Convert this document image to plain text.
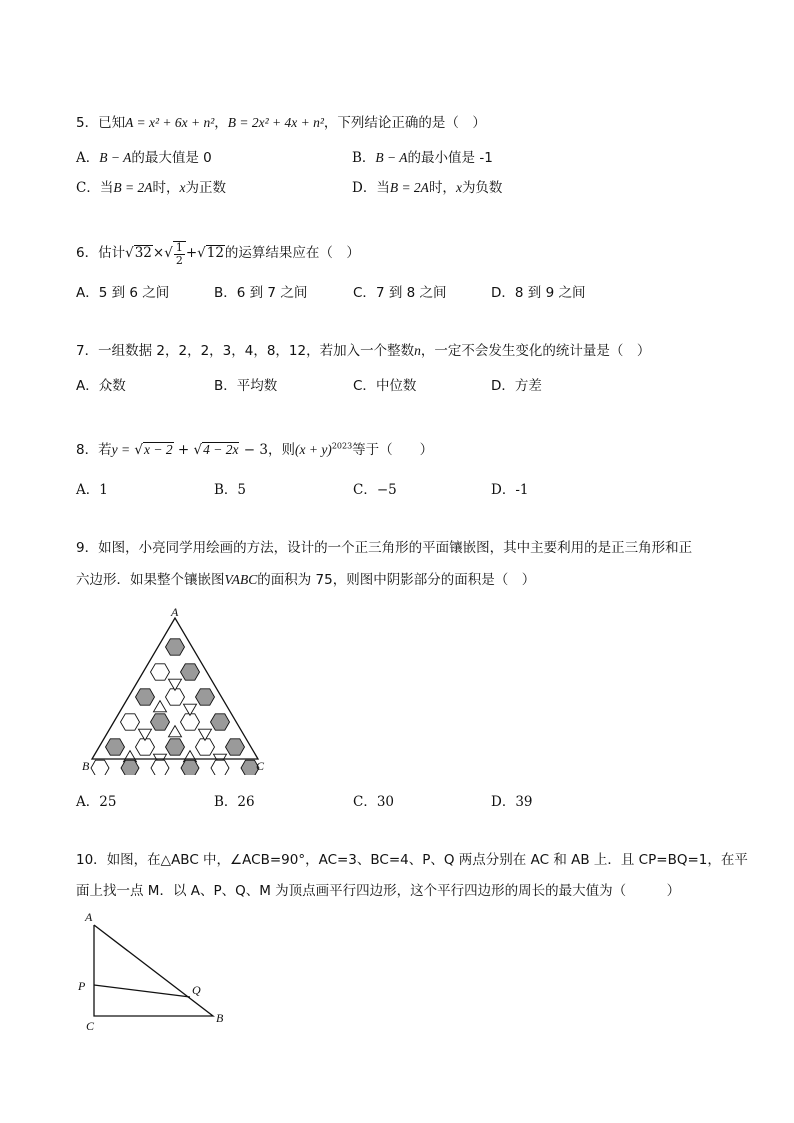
5．已知A = x² + 6x + n²，B = 2x² + 4x + n²，下列结论正确的是（　）
A．B − A的最大值是 0	B．B − A的最小值是 -1
C．当B = 2A时，x为正数	D．当B = 2A时，x为负数
6．估计$√32\times√ \frac{1}{2} +√12$的运算结果应在（　）
A．5 到 6 之间	B．6 到 7 之间	C．7 到 8 之间	D．8 到 9 之间
7．一组数据 2，2，2，3，4，8，12，若加入一个整数n，一定不会发生变化的统计量是（　）
A．众数	B．平均数	C．中位数	D．方差
8．若y = √x − 2 + √4 − 2x − 3，则$(x + y)^{2023}$等于（　　）
A．1	B．5	C．−5	D．-1
9．如图，小亮同学用绘画的方法，设计的一个正三角形的平面镶嵌图，其中主要利用的是正三角形和正
六边形．如果整个镶嵌图VABC的面积为 75，则图中阴影部分的面积是（　）
A
B	C
A．25	B．26	C．30	D．39
10．如图，在△ABC 中，∠ACB=90°，AC=3、BC=4、P、Q 两点分别在 AC 和 AB 上．且 CP=BQ=1，在平
面上找一点 M．以 A、P、Q、M 为顶点画平行四边形，这个平行四边形的周长的最大值为（　　　）
A
P	Q
C
B
